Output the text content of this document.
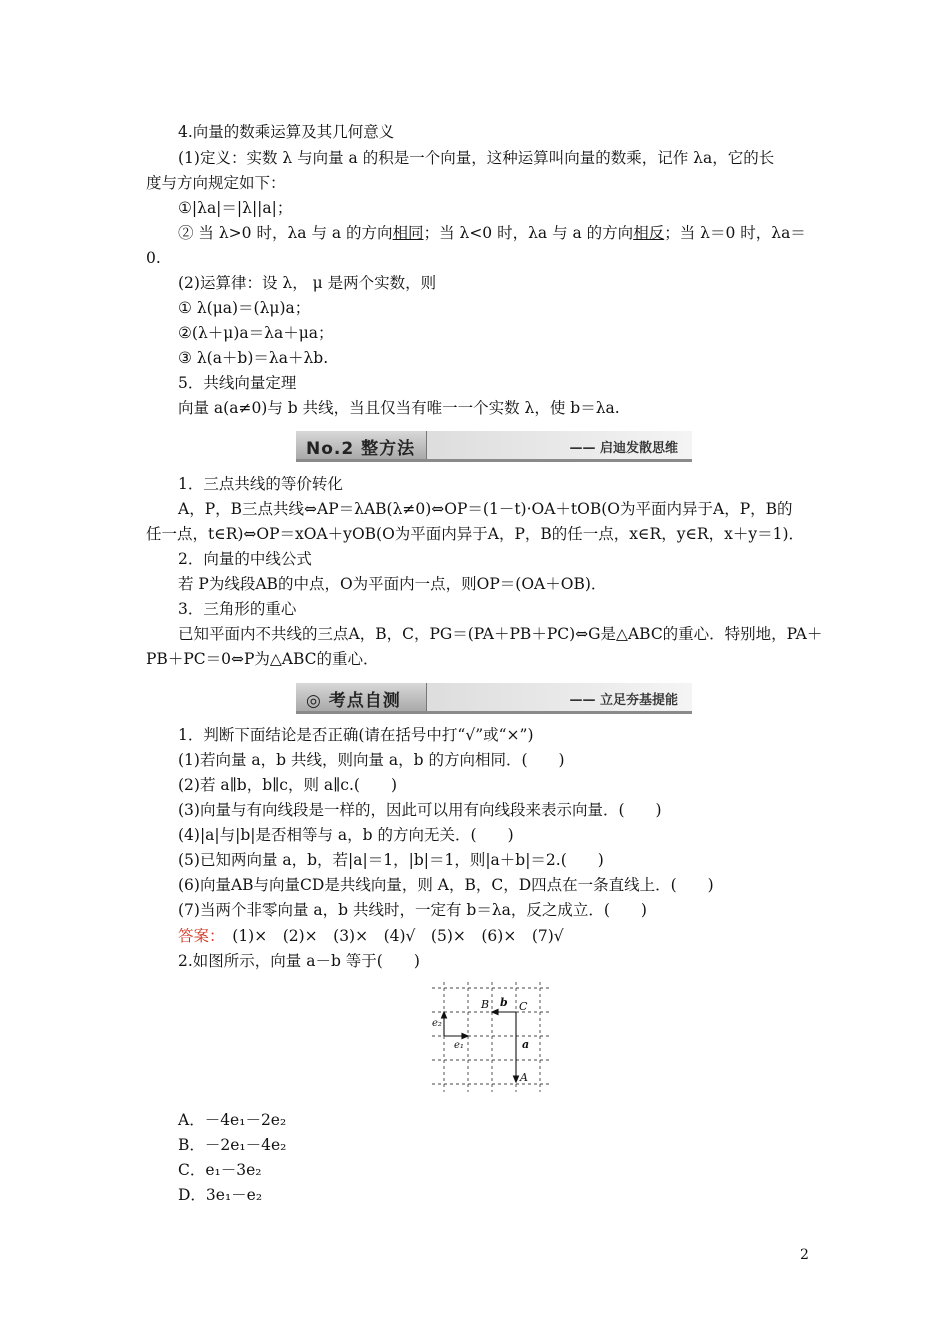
4.向量的数乘运算及其几何意义
(1)定义：实数 λ 与向量 a 的积是一个向量，这种运算叫向量的数乘，记作 λa，它的长
度与方向规定如下：
①|λa|＝|λ||a|；
② 当 λ>0 时，λa 与 a 的方向相同；当 λ<0 时，λa 与 a 的方向相反；当 λ＝0 时，λa＝
0.
(2)运算律：设 λ， μ 是两个实数，则
① λ(μa)＝(λμ)a；
②(λ＋μ)a＝λa＋μa；
③ λ(a＋b)＝λa＋λb.
5．共线向量定理
向量 a(a≠0)与 b 共线，当且仅当有唯一一个实数 λ，使 b＝λa.
No.2 整方法	—— 启迪发散思维
1．三点共线的等价转化
A，P，B三点共线⇔AP＝λAB(λ≠0)⇔OP＝(1－t)·OA＋tOB(O为平面内异于A，P，B的
任一点，t∈R)⇔OP＝xOA＋yOB(O为平面内异于A，P，B的任一点，x∈R，y∈R，x＋y＝1)．
2．向量的中线公式
若 P为线段AB的中点，O为平面内一点，则OP＝(OA＋OB)．
3．三角形的重心
已知平面内不共线的三点A，B，C，PG＝(PA＋PB＋PC)⇔G是△ABC的重心．特别地，PA＋
PB＋PC＝0⇔P为△ABC的重心．
◎ 考点自测	—— 立足夯基提能
1．判断下面结论是否正确(请在括号中打“√”或“×”)
(1)若向量 a，b 共线，则向量 a，b 的方向相同．(　　)
(2)若 a∥b，b∥c，则 a∥c.(　　)
(3)向量与有向线段是一样的，因此可以用有向线段来表示向量．(　　)
(4)|a|与|b|是否相等与 a，b 的方向无关．(　　)
(5)已知两向量 a，b，若|a|＝1，|b|＝1，则|a＋b|＝2.(　　)
(6)向量AB与向量CD是共线向量，则 A，B，C，D四点在一条直线上．(　　)
(7)当两个非零向量 a，b 共线时，一定有 b＝λa，反之成立．(　　)
答案：　(1)×　(2)×　(3)×　(4)√　(5)×　(6)×　(7)√
2.如图所示，向量 a－b 等于(　　)
B	C
b
a
A
e₁
e₂
A．－4e₁－2e₂
B．－2e₁－4e₂
C．e₁－3e₂
D．3e₁－e₂
2
